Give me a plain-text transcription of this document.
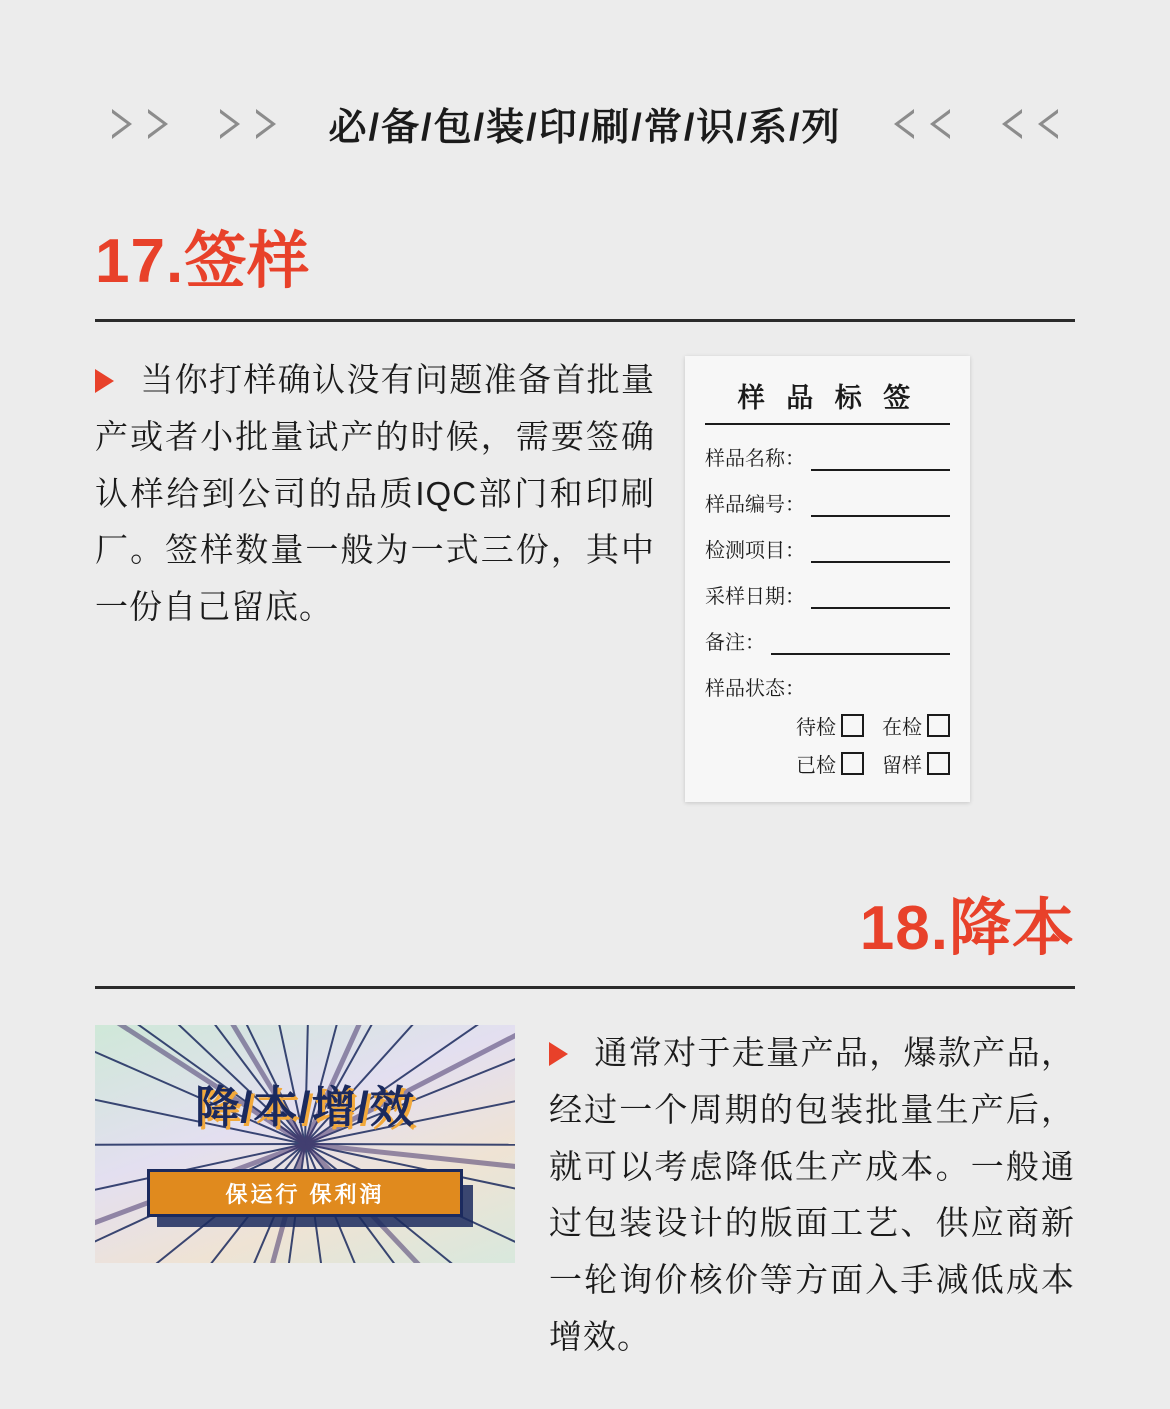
必/备/包/装/印/刷/常/识/系/列
17.签样

当你打样确认没有问题准备首批量产或者小批量试产的时候，需要签确认样给到公司的品质IQC部门和印刷厂。签样数量一般为一式三份，其中一份自己留底。

样 品 标 签
样品名称：
样品编号：
检测项目：
采样日期：
备注：
样品状态：
待检 在检
已检 留样
18.降本
降/本/增/效
保运行 保利润

通常对于走量产品，爆款产品，经过一个周期的包装批量生产后，就可以考虑降低生产成本。一般通过包装设计的版面工艺、供应商新一轮询价核价等方面入手减低成本增效。
